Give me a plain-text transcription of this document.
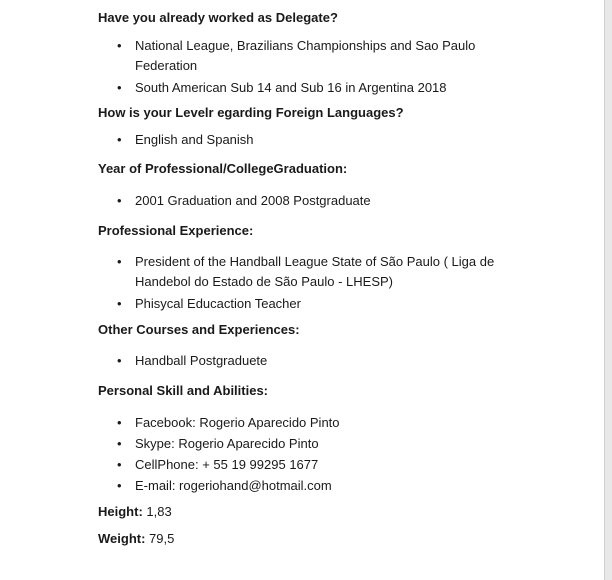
Have you already worked as Delegate?

• National League, Brazilians Championships and Sao Paulo Federation
• South American Sub 14 and Sub 16 in Argentina 2018

How is your Levelr egarding Foreign Languages?

• English and Spanish

Year of Professional/CollegeGraduation:

• 2001 Graduation and 2008 Postgraduate

Professional Experience:

• President of the Handball League State of São Paulo ( Liga de Handebol do Estado de São Paulo - LHESP)
• Phisycal Educaction Teacher

Other Courses and Experiences:

• Handball Postgraduete

Personal Skill and Abilities:

• Facebook: Rogerio Aparecido Pinto
• Skype: Rogerio Aparecido Pinto
• CellPhone: + 55 19 99295 1677
• E-mail: rogeriohand@hotmail.com

Height: 1,83

Weight: 79,5
